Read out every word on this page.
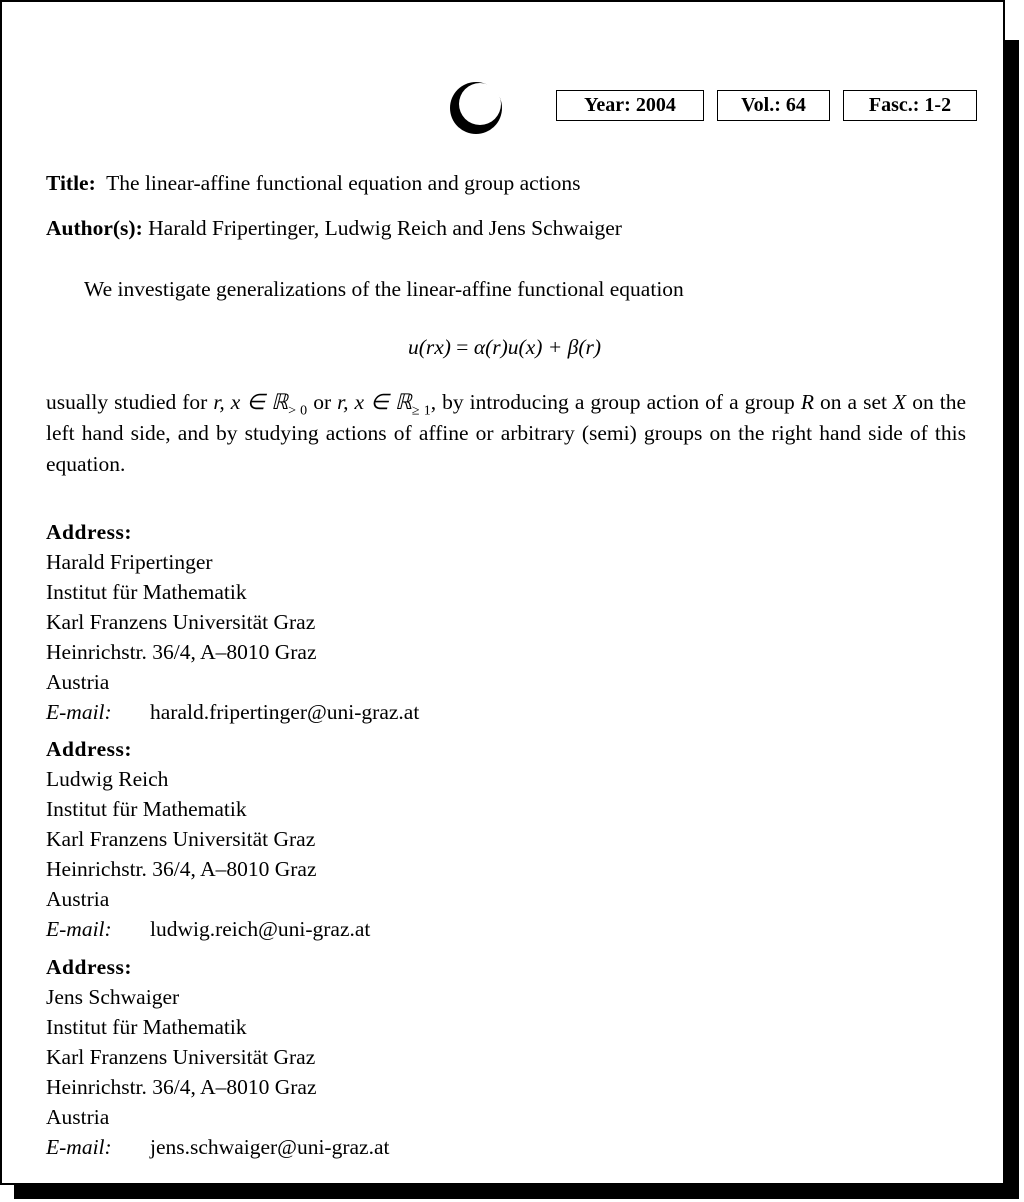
Year: 2004	Vol.: 64	Fasc.: 1-2
Title: The linear-affine functional equation and group actions
Author(s): Harald Fripertinger, Ludwig Reich and Jens Schwaiger
We investigate generalizations of the linear-affine functional equation
u(rx) = α(r)u(x) + β(r)
usually studied for r, x ∈ ℝ$_{> 0}$ or r, x ∈ ℝ$_{\ge 1}$, by introducing a group action of a group R on a set X on the left hand side, and by studying actions of affine or arbitrary (semi) groups on the right hand side of this equation.
Address:
Harald Fripertinger
Institut für Mathematik
Karl Franzens Universität Graz
Heinrichstr. 36/4, A–8010 Graz
Austria
E-mail: harald.fripertinger@uni-graz.at
Address:
Ludwig Reich
Institut für Mathematik
Karl Franzens Universität Graz
Heinrichstr. 36/4, A–8010 Graz
Austria
E-mail: ludwig.reich@uni-graz.at
Address:
Jens Schwaiger
Institut für Mathematik
Karl Franzens Universität Graz
Heinrichstr. 36/4, A–8010 Graz
Austria
E-mail: jens.schwaiger@uni-graz.at
